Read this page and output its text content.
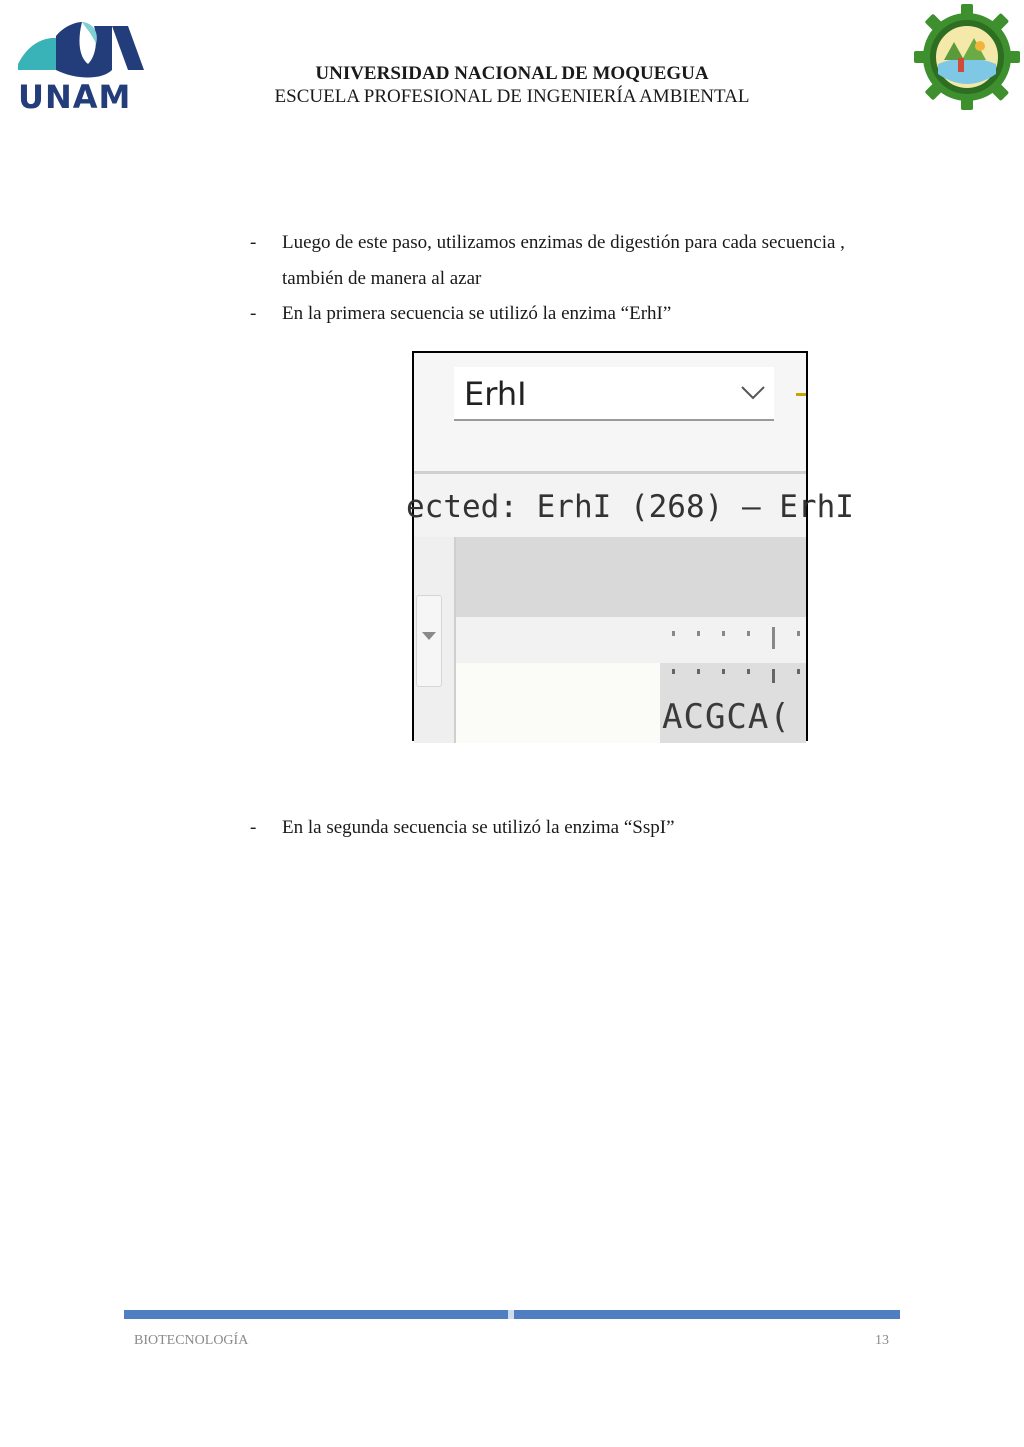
UNAM
UNIVERSIDAD NACIONAL DE MOQUEGUA
ESCUELA PROFESIONAL DE INGENIERÍA AMBIENTAL
- Luego de este paso, utilizamos enzimas de digestión para cada secuencia ,
también de manera al azar
- En la primera secuencia se utilizó la enzima “ErhI”
ErhI
ected: ErhI (268) — ErhI
ACGCA(
- En la segunda secuencia se utilizó la enzima “SspI”
BIOTECNOLOGÍA	13
